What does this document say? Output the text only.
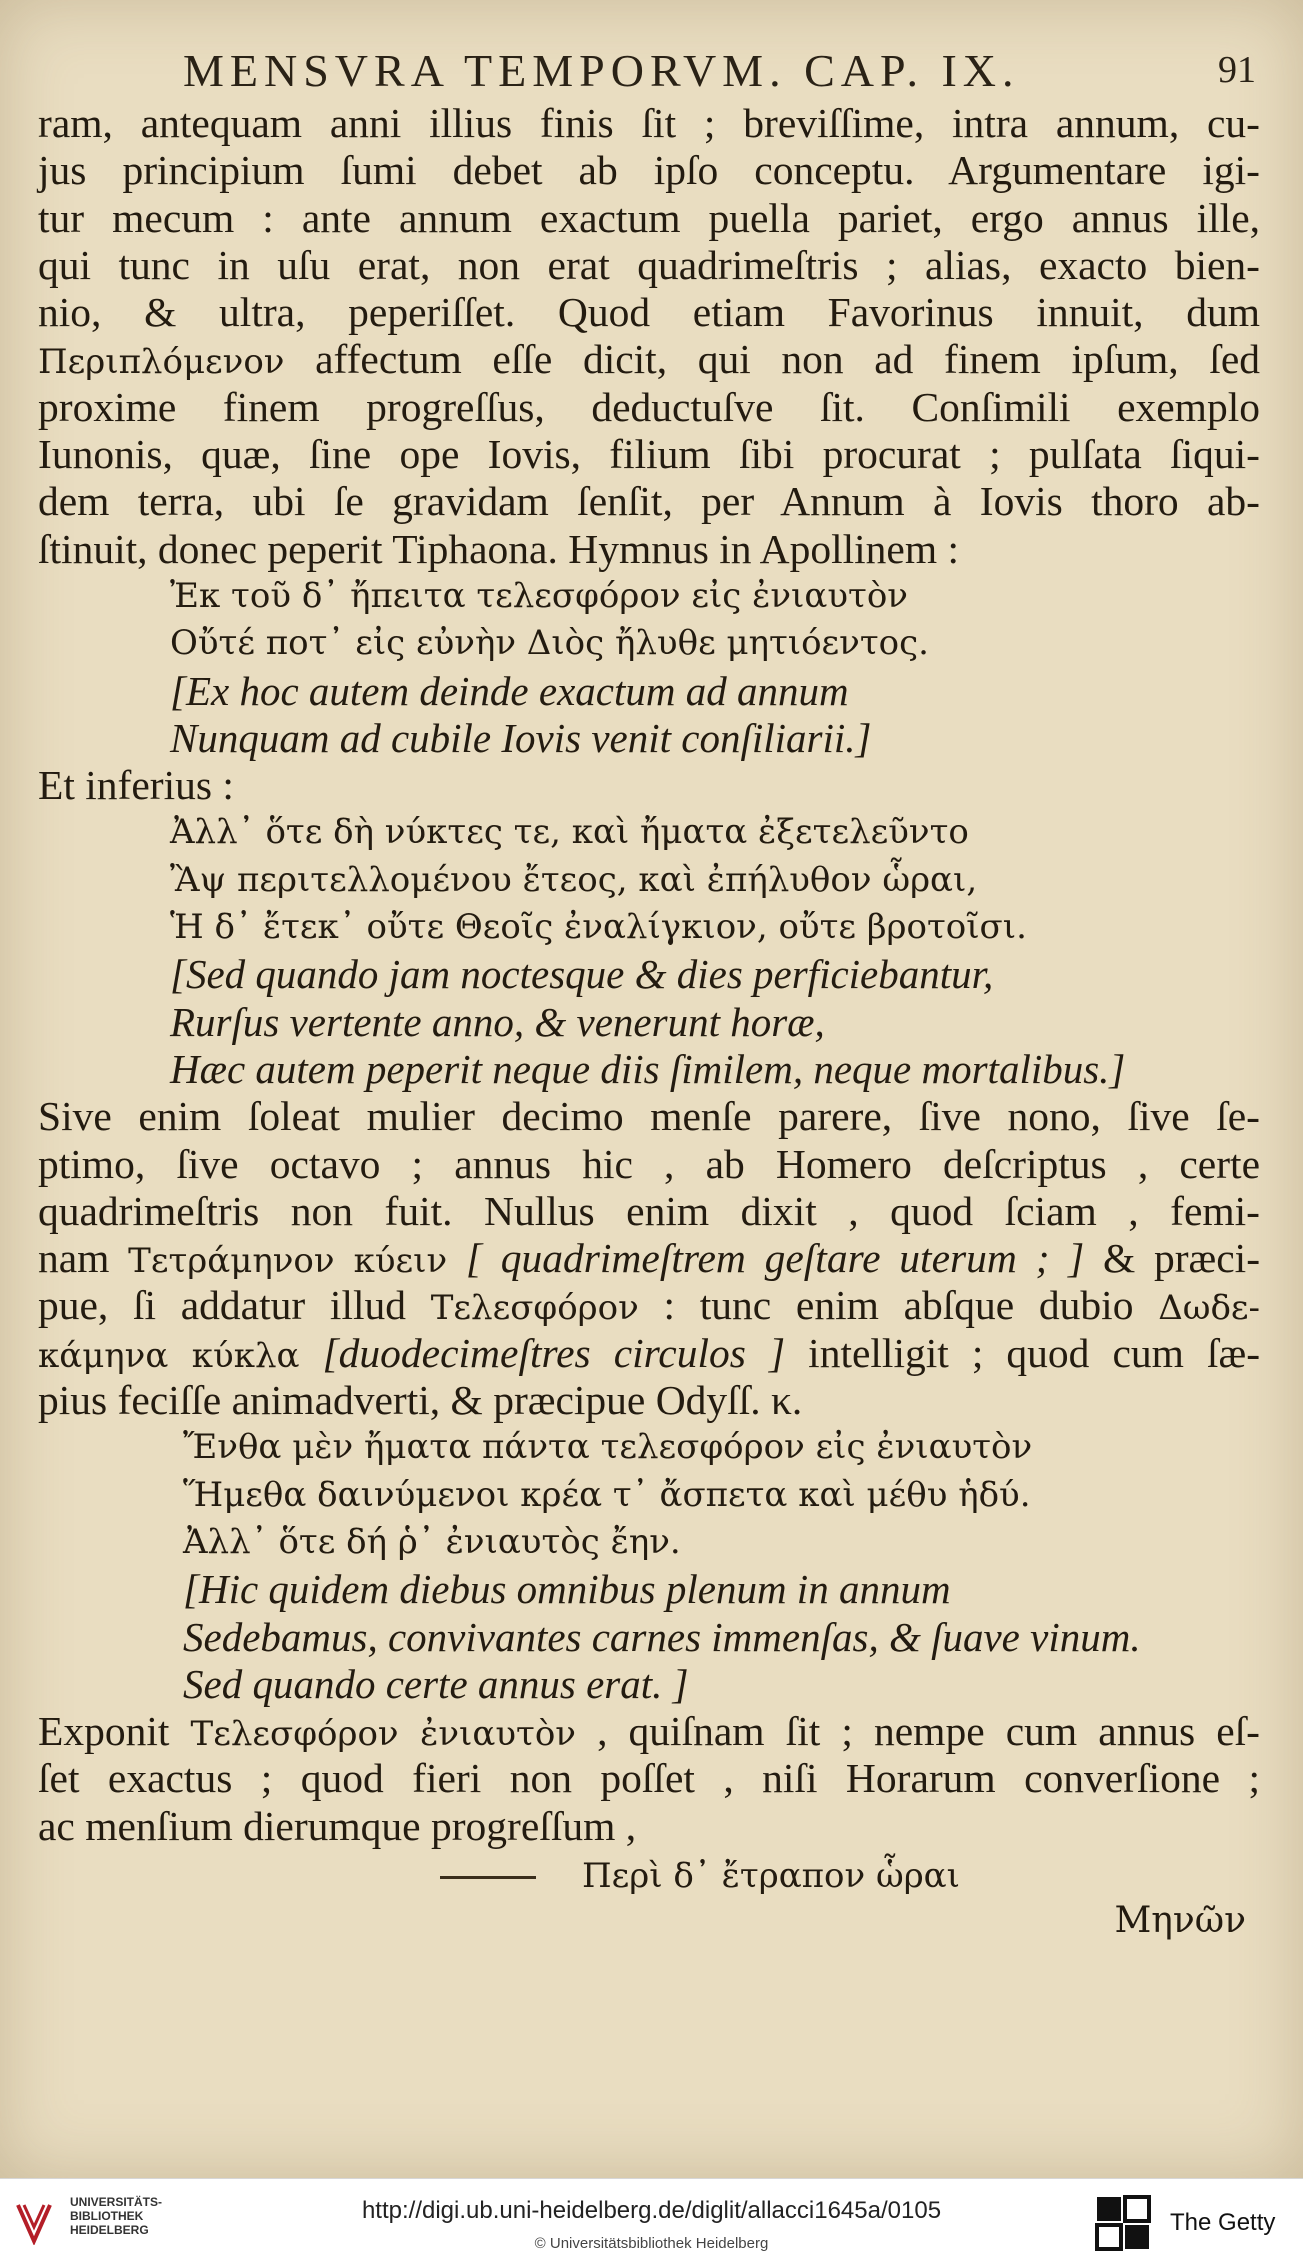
MENSVRA TEMPORVM. CAP. IX.	91
ram, antequam anni illius finis ſit ; breviſſime, intra annum, cu-
jus principium ſumi debet ab ipſo conceptu. Argumentare igi-
tur mecum : ante annum exactum puella pariet, ergo annus ille,
qui tunc in uſu erat, non erat quadrimeſtris ; alias, exacto bien-
nio, & ultra, peperiſſet. Quod etiam Favorinus innuit, dum
Περιπλόμενον affectum eſſe dicit, qui non ad finem ipſum, ſed
proxime finem progreſſus, deductuſve ſit. Conſimili exemplo
Iunonis, quæ, ſine ope Iovis, filium ſibi procurat ; pulſata ſiqui-
dem terra, ubi ſe gravidam ſenſit, per Annum à Iovis thoro ab-
ſtinuit, donec peperit Tiphaona. Hymnus in Apollinem :
Ἐκ τοῦ δ᾽ ἤπειτα τελεσφόρον εἰς ἐνιαυτὸν
Οὔτέ ποτ᾽ εἰς εὐνὴν Διὸς ἤλυθε μητιόεντος.
[Ex hoc autem deinde exactum ad annum
Nunquam ad cubile Iovis venit conſiliarii.]
Et inferius :
Ἀλλ᾽ ὅτε δὴ νύκτες τε, καὶ ἤματα ἐξετελεῦντο
Ἂψ περιτελλομένου ἔτεος, καὶ ἐπήλυθον ὧραι,
Ἡ δ᾽ ἔτεκ᾽ οὔτε Θεοῖς ἐναλίγκιον, οὔτε βροτοῖσι.
[Sed quando jam noctesque & dies perficiebantur,
Rurſus vertente anno, & venerunt horæ,
Hæc autem peperit neque diis ſimilem, neque mortalibus.]
Sive enim ſoleat mulier decimo menſe parere, ſive nono, ſive ſe-
ptimo, ſive octavo ; annus hic , ab Homero deſcriptus , certe
quadrimeſtris non fuit. Nullus enim dixit , quod ſciam , femi-
nam Τετράμηνον κύειν [ quadrimeſtrem geſtare uterum ; ] & præci-
pue, ſi addatur illud Τελεσφόρον : tunc enim abſque dubio Δωδε-
κάμηνα κύκλα [duodecimeſtres circulos ] intelligit ; quod cum ſæ-
pius feciſſe animadverti, & præcipue Odyſſ. κ.
Ἔνθα μὲν ἤματα πάντα τελεσφόρον εἰς ἐνιαυτὸν
Ἥμεθα δαινύμενοι κρέα τ᾽ ἄσπετα καὶ μέθυ ἡδύ.
Ἀλλ᾽ ὅτε δή ῥ᾽ ἐνιαυτὸς ἔην.
[Hic quidem diebus omnibus plenum in annum
Sedebamus, convivantes carnes immenſas, & ſuave vinum.
Sed quando certe annus erat. ]
Exponit Τελεσφόρον ἐνιαυτὸν , quiſnam ſit ; nempe cum annus eſ-
ſet exactus ; quod fieri non poſſet , niſi Horarum converſione ;
ac menſium dierumque progreſſum ,
Περὶ δ᾽ ἔτραπον ὧραι
Μηνῶν
UNIVERSITÄTS-
BIBLIOTHEK
HEIDELBERG
http://digi.ub.uni-heidelberg.de/diglit/allacci1645a/0105
© Universitätsbibliothek Heidelberg
The Getty
